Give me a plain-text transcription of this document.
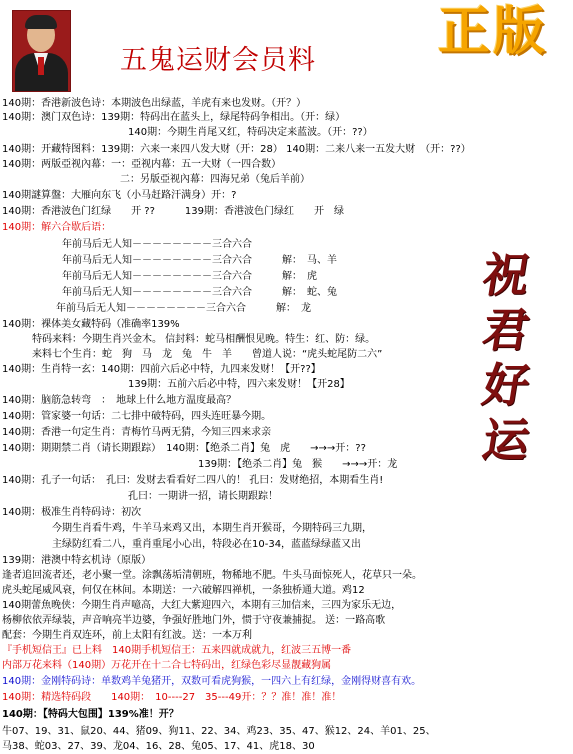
五鬼运财会员料 正版
祝
君
好
运
140期：香港新波色诗：本期波色出绿蓝，羊虎有来也发财。（开？）
140期：澳门双色诗：139期：特码出在蓝头上，绿尾特码争相出。（开：绿）
140期：今期生肖尾又红，特码决定来蓝波。（开：??）
140期：开藏特图料：139期：六来一来四八发大财（开：28） 140期：二来八来一五发大财　（开：??）
140期：两版亞视內幕：一：亞视内幕：五一大财（一四合数）
二：另版亞视內幕：四海兄弟（兔后羊前）
140期謎算盤：大雁向东飞（小马赶路汗满身）开：?
140期：香港波色门红绿　　开 ??　　　139期：香港波色门绿红　　开　绿
140期：解六合歇后语：
年前马后无人知－－－－－－－－三合六合
年前马后无人知－－－－－－－－三合六合　　　解：　马、羊
年前马后无人知－－－－－－－－三合六合　　　解：　虎
年前马后无人知－－－－－－－－三合六合　　　解：　蛇、兔
年前马后无人知－－－－－－－－三合六合　　　解：　龙
140期：裸体美女藏特码（准确率139%
特码来料：今期生肖兴金木。 信封料：蛇马相酬恨见晚。特生：红、防：绿。
来料七个生肖：蛇　狗　马　龙　兔　牛　羊　　曾道人说：“虎头蛇尾防二六”
140期：生肖特一玄：140期：四前六后必中特，九四来发财！【开??】
139期：五前六后必中特，四六来发财！【开28】
140期：脑筋急转弯　：　地球上什么地方温度最高？
140期：管家婆一句话：二七排中破特码，四头连旺暴今期。
140期：香港一句定生肖：青梅竹马两无猜，今知三四来求亲
140期：期期禁二肖（请长期跟踪）　140期：【绝杀二肖】兔　虎　　→→→开：??
139期：【绝杀二肖】兔　猴　　→→→开：龙
140期：孔子一句话：　孔曰：发财去看看好二四八的！ 孔曰：发财绝招，本期看生肖!
孔曰：一期讲一招，请长期跟踪！
140期：极准生肖特码诗：初次
今期生肖看牛鸡，牛羊马来鸡又出，本期生肖开猴哥，今期特码三九期，
主绿防红看二八，重肖重尾小心出，特段必在10-34，蓝蓝绿绿蓝又出
139期：港澳中特玄机诗（原版）
逢者追回流者还，老小聚一堂。涂飘荡垢清朝班，物稀地不肥。牛头马面惊死人，花草只一朵。
虎头蛇尾威风衰，何仅在林间。本期送：一六破解四禅机，一条独桥通大道。鸡12
140期蕾魚晚侠：今期生肖声噫高，大红大紫迎四六，本期有三加信来，三四为家乐无边，
杨柳依依弄绿装，声音响亮半边婆，争强好胜地门外，惯于守夜兼捕捉。 送：一路高歌
配套：今期生肖双连环，前上太阳有红波。送：一本万利
『手机短信王』已上料　140期手机短信王：五来四就成就九，红波三五博一番
内部万花来料（140期）万花开在十二合七特码出，红绿色彩尽显靓藏狗属
140期：金刚特码诗：单数鸡羊兔猪开，双数可看虎狗猴，一四六上有红绿，金刚得财喜有欢。
140期：精选特码段　　140期：　10----27　35---49开：？？准！准！准！
140期：【特码大包围】139%准！开？
牛07、19、31、鼠20、44、猪09、狗11、22、34、鸡23、35、47、猴12、24、羊01、25、
马38、蛇03、27、39、龙04、16、28、兔05、17、41、虎18、30
